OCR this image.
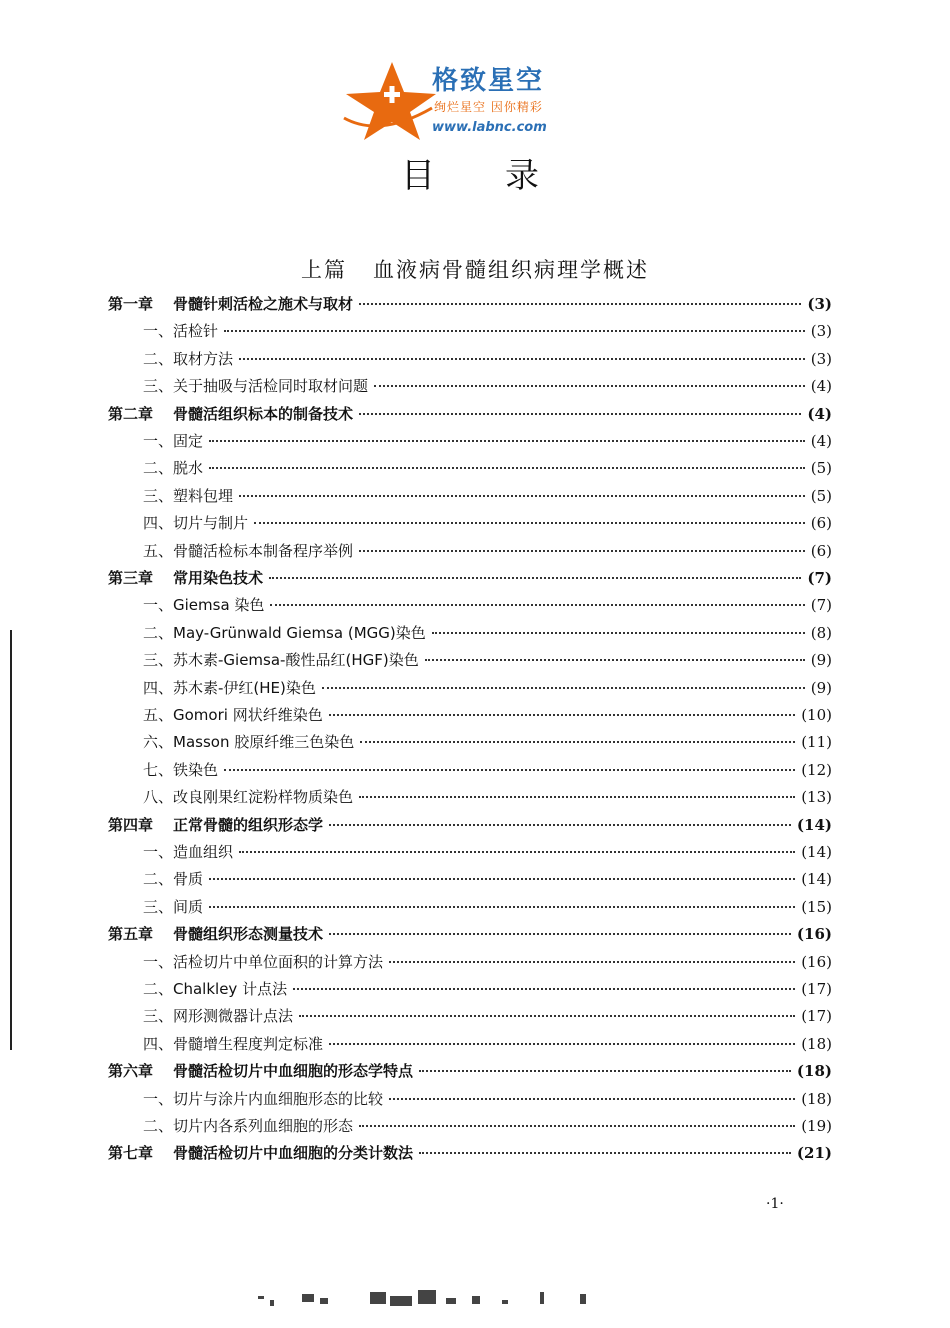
格致星空
绚烂星空 因你精彩
www.labnc.com
目录
上篇 血液病骨髓组织病理学概述
第一章 骨髓针刺活检之施术与取材	(3)
一、活检针	(3)
二、取材方法	(3)
三、关于抽吸与活检同时取材问题	(4)
第二章 骨髓活组织标本的制备技术	(4)
一、固定	(4)
二、脱水	(5)
三、塑料包埋	(5)
四、切片与制片	(6)
五、骨髓活检标本制备程序举例	(6)
第三章 常用染色技术	(7)
一、Giemsa 染色	(7)
二、May-Grünwald Giemsa (MGG)染色	(8)
三、苏木素-Giemsa-酸性品红(HGF)染色	(9)
四、苏木素-伊红(HE)染色	(9)
五、Gomori 网状纤维染色	(10)
六、Masson 胶原纤维三色染色	(11)
七、铁染色	(12)
八、改良刚果红淀粉样物质染色	(13)
第四章 正常骨髓的组织形态学	(14)
一、造血组织	(14)
二、骨质	(14)
三、间质	(15)
第五章 骨髓组织形态测量技术	(16)
一、活检切片中单位面积的计算方法	(16)
二、Chalkley 计点法	(17)
三、网形测微器计点法	(17)
四、骨髓增生程度判定标准	(18)
第六章 骨髓活检切片中血细胞的形态学特点	(18)
一、切片与涂片内血细胞形态的比较	(18)
二、切片内各系列血细胞的形态	(19)
第七章 骨髓活检切片中血细胞的分类计数法	(21)
·1·
